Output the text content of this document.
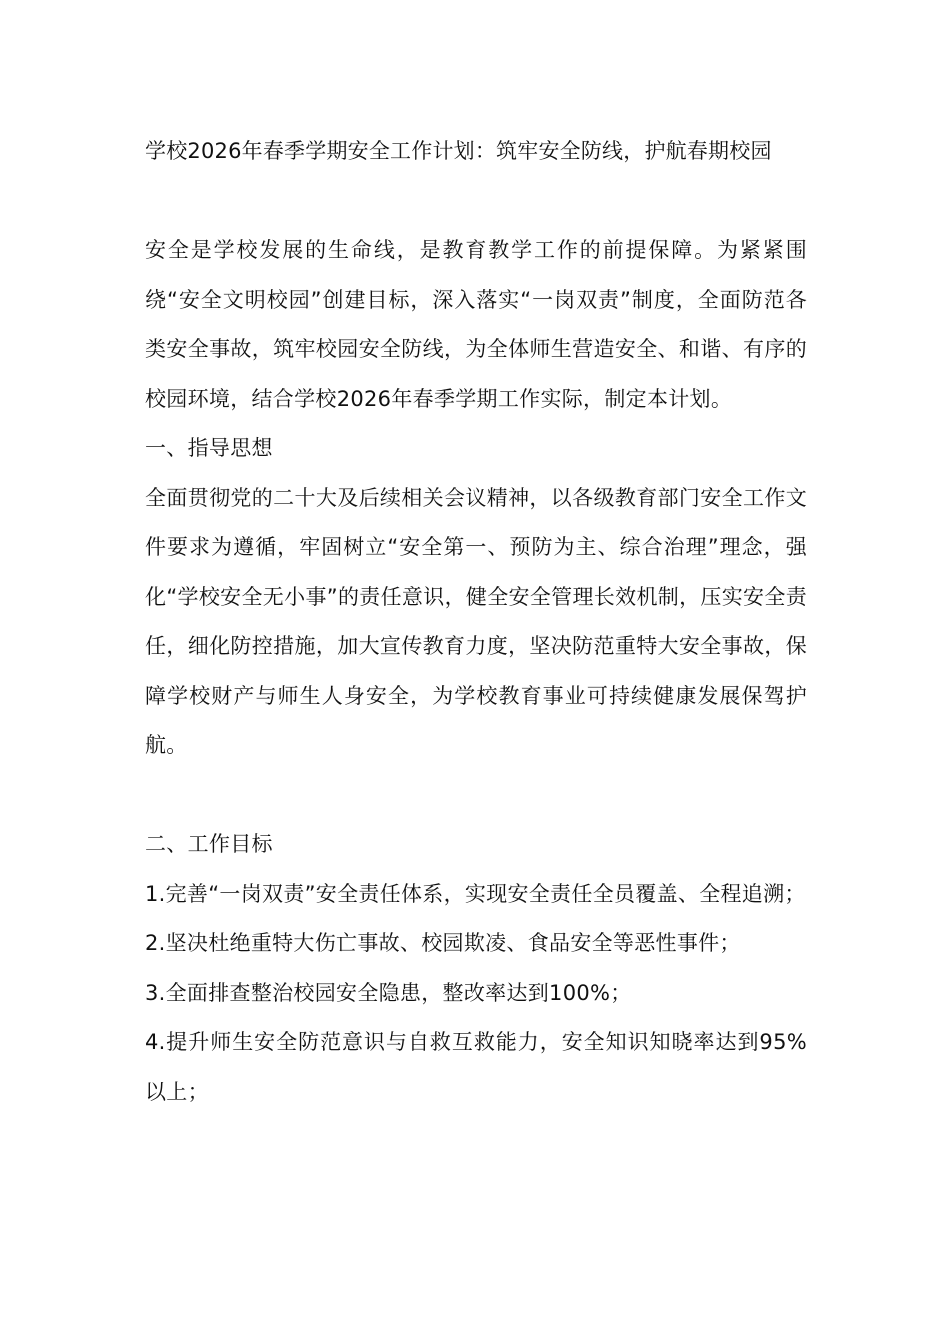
学校2026年春季学期安全工作计划：筑牢安全防线，护航春期校园

安全是学校发展的生命线，是教育教学工作的前提保障。为紧紧围绕“安全文明校园”创建目标，深入落实“一岗双责”制度，全面防范各类安全事故，筑牢校园安全防线，为全体师生营造安全、和谐、有序的校园环境，结合学校2026年春季学期工作实际，制定本计划。

一、指导思想

全面贯彻党的二十大及后续相关会议精神，以各级教育部门安全工作文件要求为遵循，牢固树立“安全第一、预防为主、综合治理”理念，强化“学校安全无小事”的责任意识，健全安全管理长效机制，压实安全责任，细化防控措施，加大宣传教育力度，坚决防范重特大安全事故，保障学校财产与师生人身安全，为学校教育事业可持续健康发展保驾护航。

二、工作目标

1.完善“一岗双责”安全责任体系，实现安全责任全员覆盖、全程追溯；

2.坚决杜绝重特大伤亡事故、校园欺凌、食品安全等恶性事件；

3.全面排查整治校园安全隐患，整改率达到100%；

4.提升师生安全防范意识与自救互救能力，安全知识知晓率达到95%以上；
